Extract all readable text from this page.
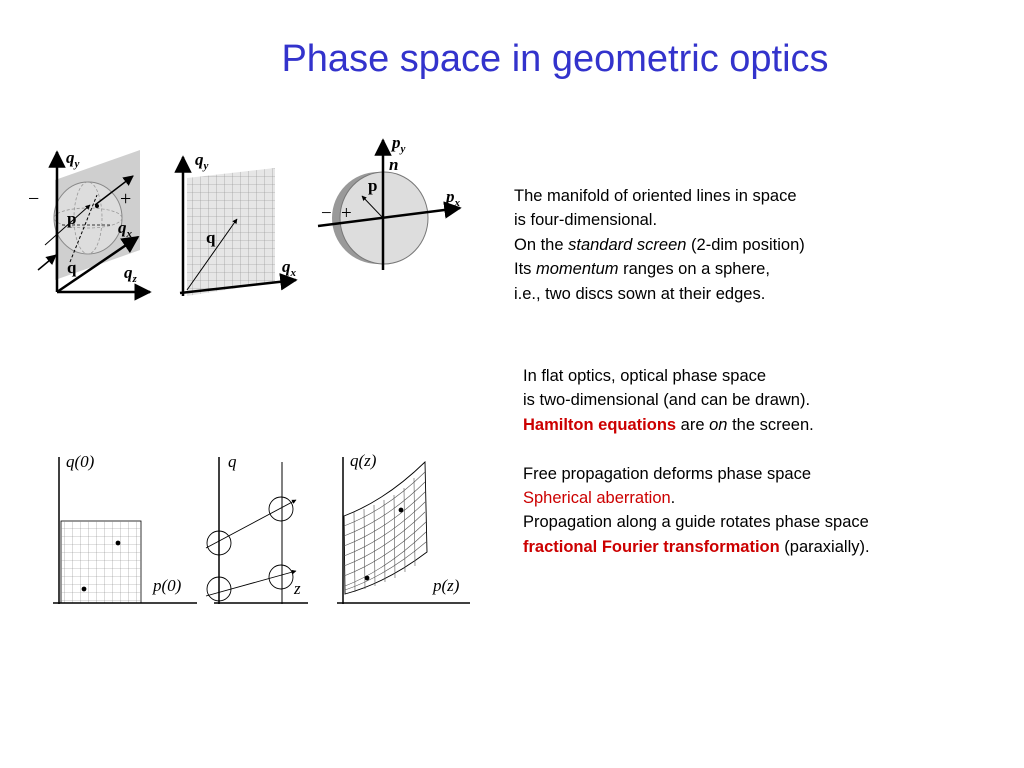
Phase space in geometric optics
$q_y$
$q_x$
$q_z$
p
q
−	+
$q_y$
$q_x$
q
$p_y$
n
$p_x$
p
− +
q(0)
p(0)
q
z
q(z)
p(z)
The manifold of oriented lines in space
is four-dimensional.
On the standard screen (2-dim position)
Its momentum ranges on a sphere,
i.e., two discs sown at their edges.
In flat optics, optical phase space
is two-dimensional (and can be drawn).
Hamilton equations are on the screen.
Free propagation deforms phase space
Spherical aberration.
Propagation along a guide rotates phase space
fractional Fourier transformation (paraxially).
